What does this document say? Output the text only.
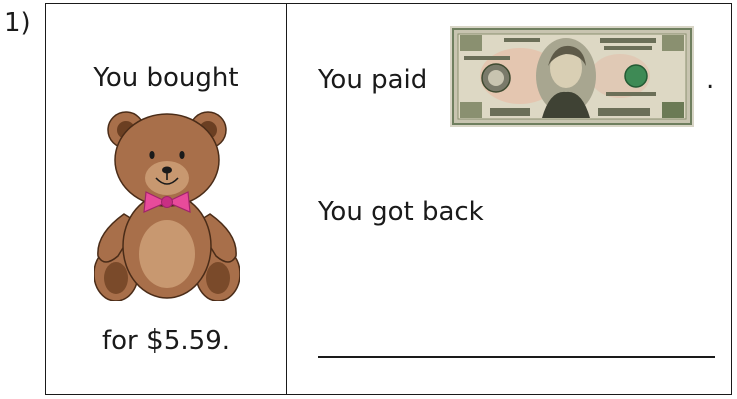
1)
You bought
for $5.59.
You paid	.
You got back
